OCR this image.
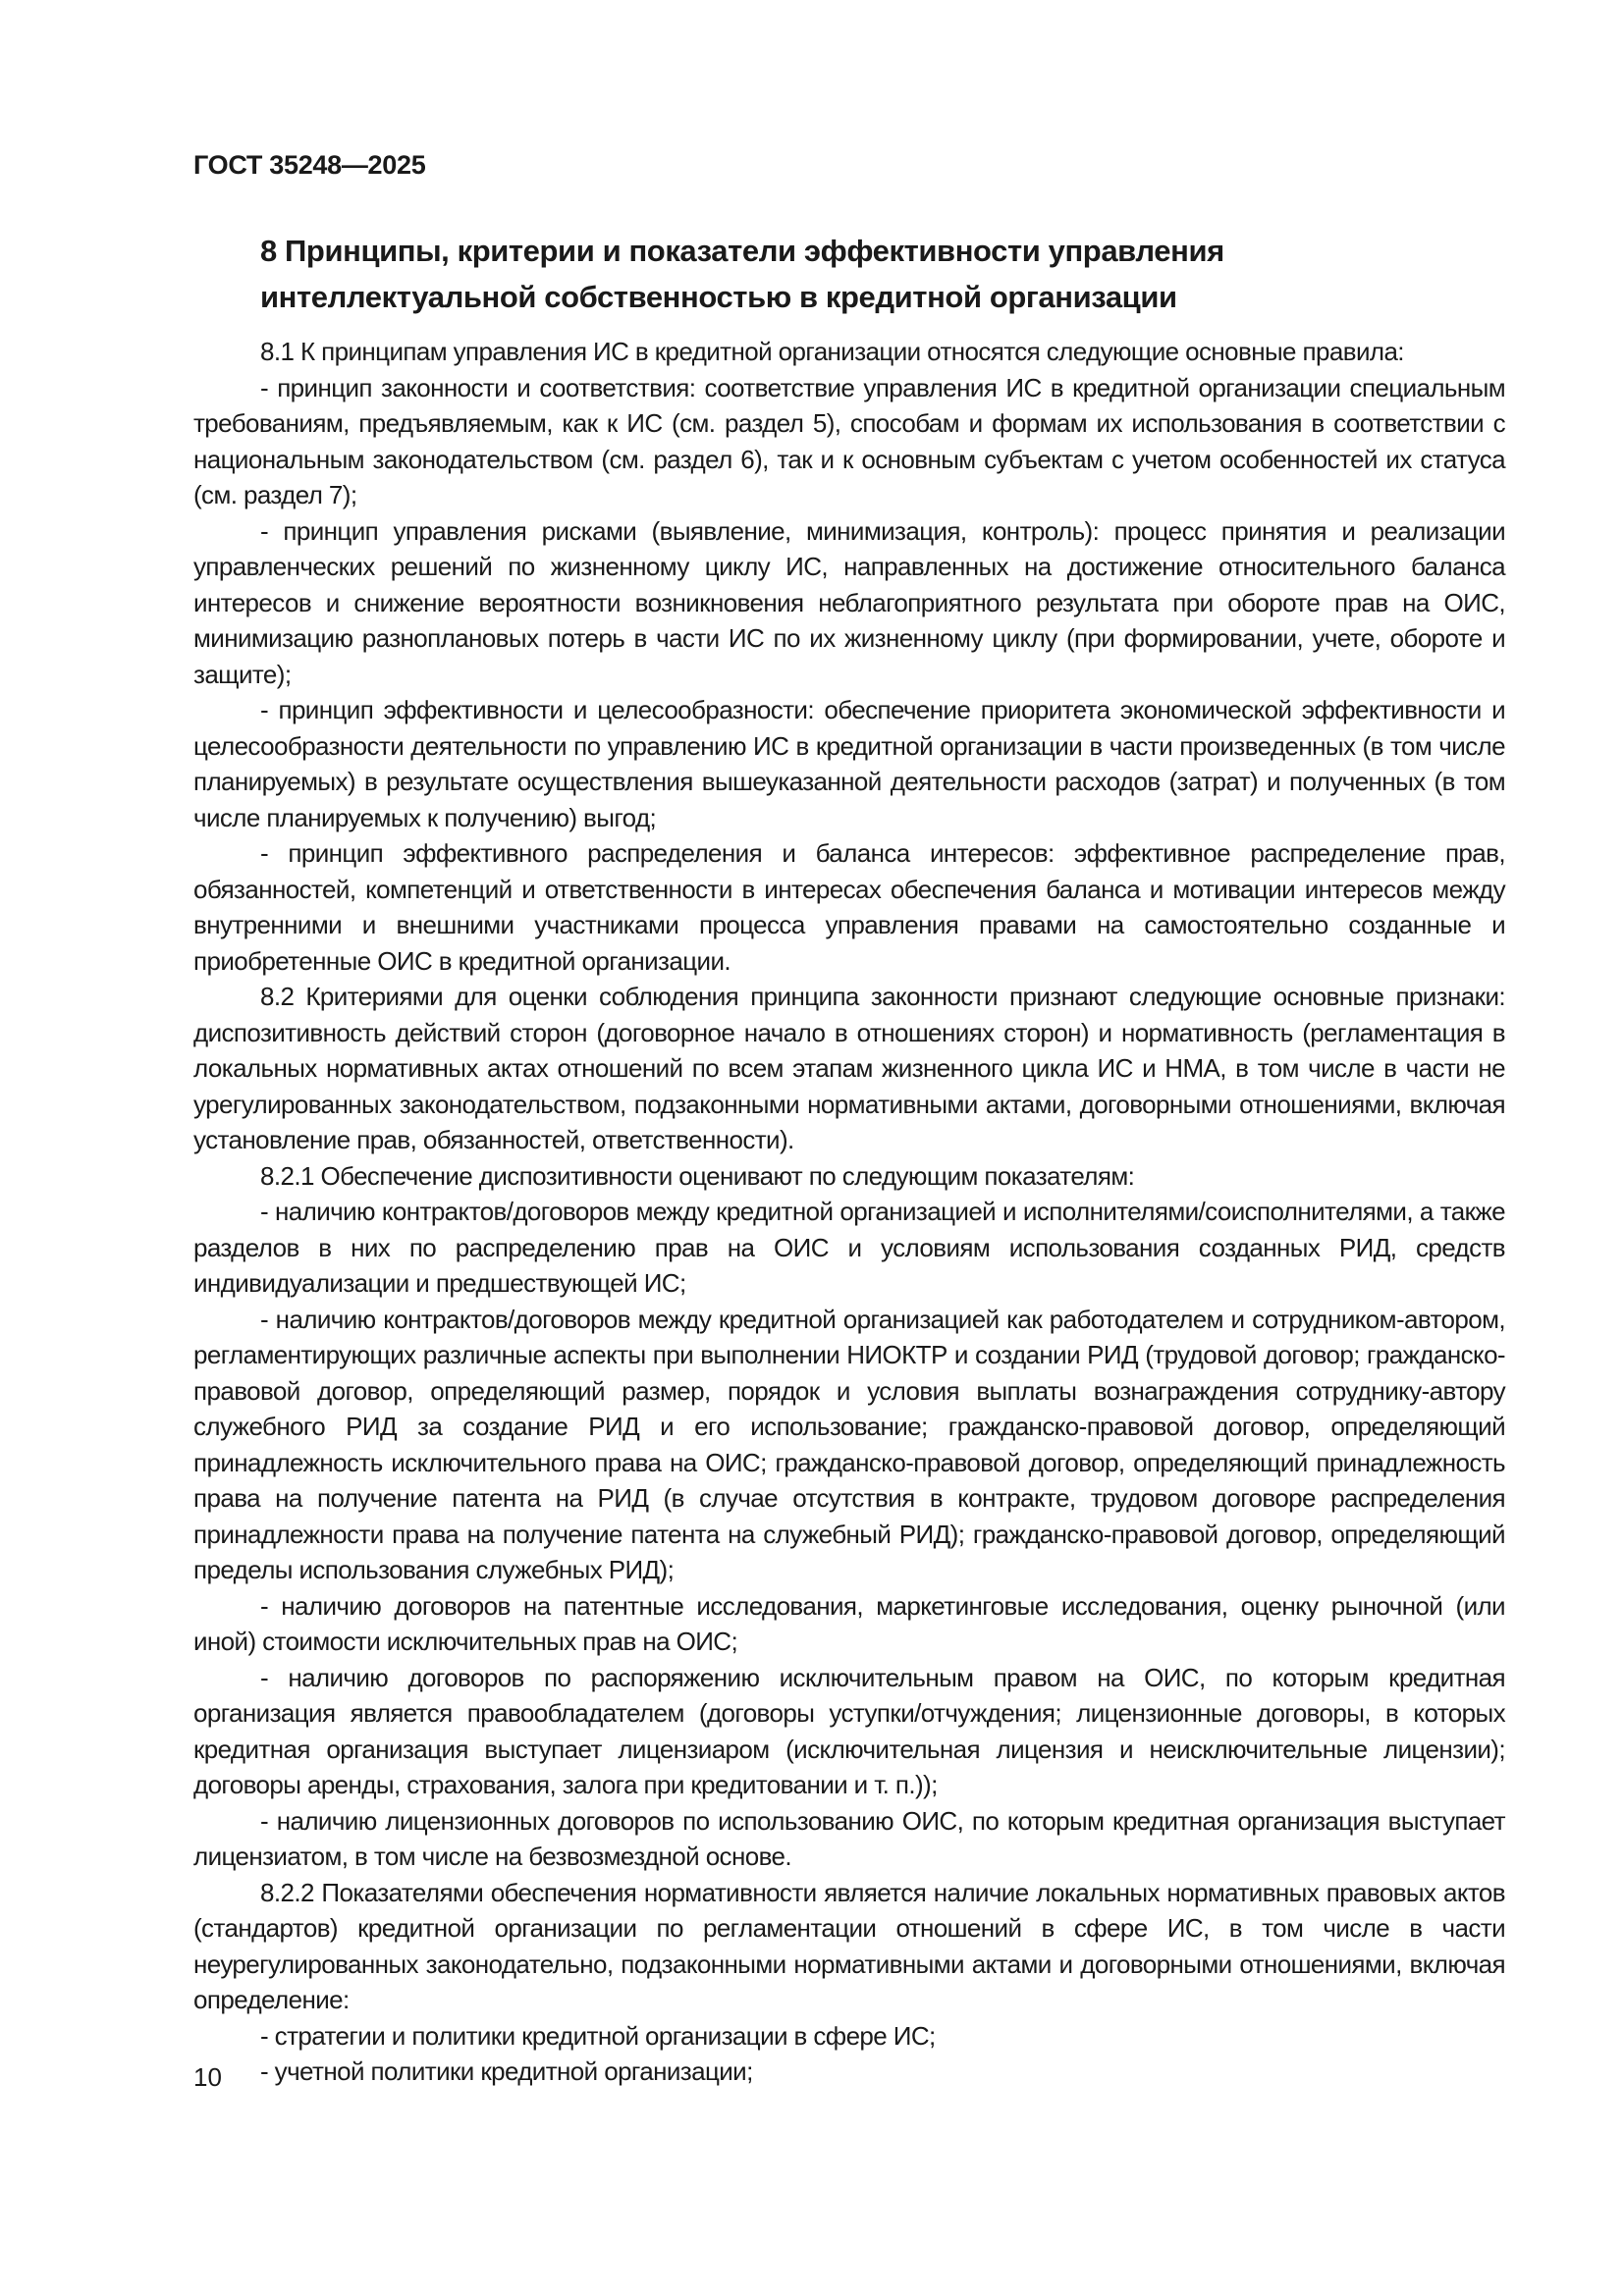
ГОСТ 35248—2025
8 Принципы, критерии и показатели эффективности управления
интеллектуальной собственностью в кредитной организации

8.1 К принципам управления ИС в кредитной организации относятся следующие основные правила:

- принцип законности и соответствия: соответствие управления ИС в кредитной организации специальным требованиям, предъявляемым, как к ИС (см. раздел 5), способам и формам их использования в соответствии с национальным законодательством (см. раздел 6), так и к основным субъектам с учетом особенностей их статуса (см. раздел 7);

- принцип управления рисками (выявление, минимизация, контроль): процесс принятия и реализации управленческих решений по жизненному циклу ИС, направленных на достижение относительного баланса интересов и снижение вероятности возникновения неблагоприятного результата при обороте прав на ОИС, минимизацию разноплановых потерь в части ИС по их жизненному циклу (при формировании, учете, обороте и защите);

- принцип эффективности и целесообразности: обеспечение приоритета экономической эффективности и целесообразности деятельности по управлению ИС в кредитной организации в части произведенных (в том числе планируемых) в результате осуществления вышеуказанной деятельности расходов (затрат) и полученных (в том числе планируемых к получению) выгод;

- принцип эффективного распределения и баланса интересов: эффективное распределение прав, обязанностей, компетенций и ответственности в интересах обеспечения баланса и мотивации интересов между внутренними и внешними участниками процесса управления правами на самостоятельно созданные и приобретенные ОИС в кредитной организации.

8.2 Критериями для оценки соблюдения принципа законности признают следующие основные признаки: диспозитивность действий сторон (договорное начало в отношениях сторон) и нормативность (регламентация в локальных нормативных актах отношений по всем этапам жизненного цикла ИС и НМА, в том числе в части не урегулированных законодательством, подзаконными нормативными актами, договорными отношениями, включая установление прав, обязанностей, ответственности).

8.2.1 Обеспечение диспозитивности оценивают по следующим показателям:

- наличию контрактов/договоров между кредитной организацией и исполнителями/соисполнителями, а также разделов в них по распределению прав на ОИС и условиям использования созданных РИД, средств индивидуализации и предшествующей ИС;

- наличию контрактов/договоров между кредитной организацией как работодателем и сотрудником-автором, регламентирующих различные аспекты при выполнении НИОКТР и создании РИД (трудовой договор; гражданско-правовой договор, определяющий размер, порядок и условия выплаты вознаграждения сотруднику-автору служебного РИД за создание РИД и его использование; гражданско-правовой договор, определяющий принадлежность исключительного права на ОИС; гражданско-правовой договор, определяющий принадлежность права на получение патента на РИД (в случае отсутствия в контракте, трудовом договоре распределения принадлежности права на получение патента на служебный РИД); гражданско-правовой договор, определяющий пределы использования служебных РИД);

- наличию договоров на патентные исследования, маркетинговые исследования, оценку рыночной (или иной) стоимости исключительных прав на ОИС;

- наличию договоров по распоряжению исключительным правом на ОИС, по которым кредитная организация является правообладателем (договоры уступки/отчуждения; лицензионные договоры, в которых кредитная организация выступает лицензиаром (исключительная лицензия и неисключительные лицензии); договоры аренды, страхования, залога при кредитовании и т. п.));

- наличию лицензионных договоров по использованию ОИС, по которым кредитная организация выступает лицензиатом, в том числе на безвозмездной основе.

8.2.2 Показателями обеспечения нормативности является наличие локальных нормативных правовых актов (стандартов) кредитной организации по регламентации отношений в сфере ИС, в том числе в части неурегулированных законодательно, подзаконными нормативными актами и договорными отношениями, включая определение:

- стратегии и политики кредитной организации в сфере ИС;

- учетной политики кредитной организации;

10
